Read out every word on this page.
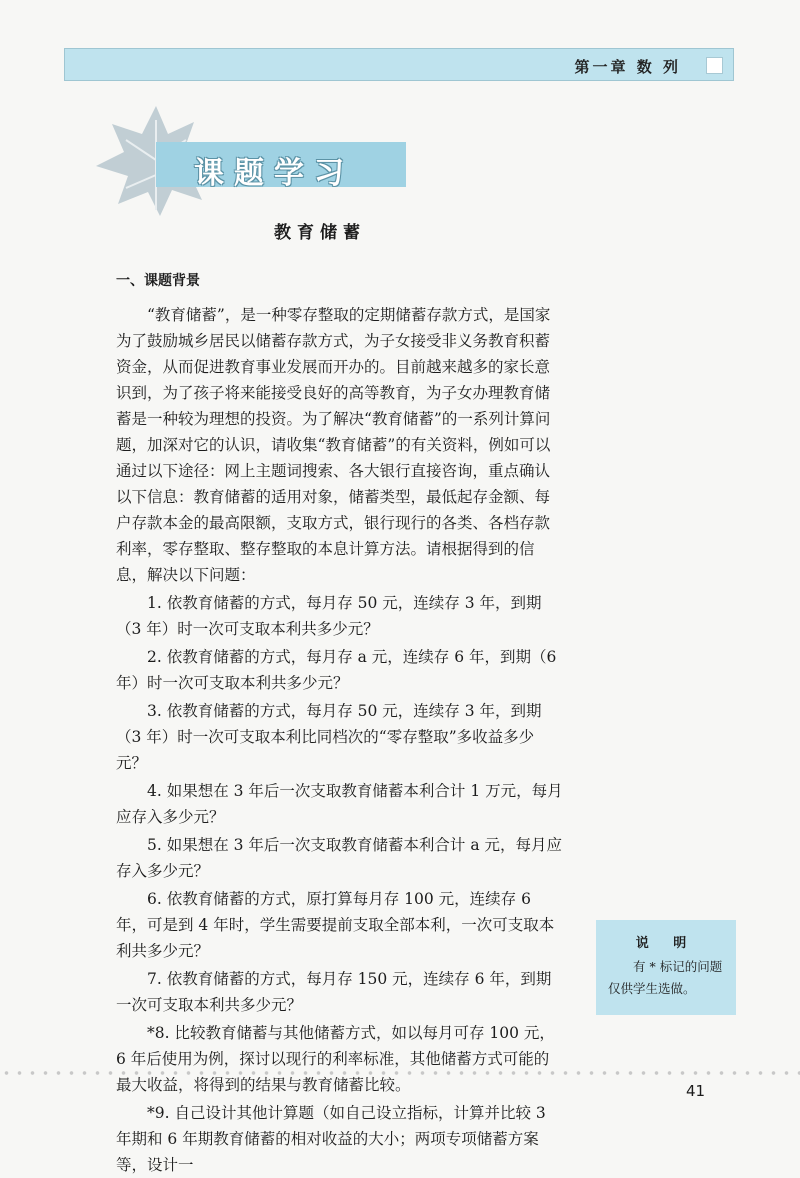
第一章 数 列
课题学习
教育储蓄
一、课题背景

“教育储蓄”，是一种零存整取的定期储蓄存款方式，是国家为了鼓励城乡居民以储蓄存款方式，为子女接受非义务教育积蓄资金，从而促进教育事业发展而开办的。目前越来越多的家长意识到，为了孩子将来能接受良好的高等教育，为子女办理教育储蓄是一种较为理想的投资。为了解决“教育储蓄”的一系列计算问题，加深对它的认识，请收集“教育储蓄”的有关资料，例如可以通过以下途径：网上主题词搜索、各大银行直接咨询，重点确认以下信息：教育储蓄的适用对象，储蓄类型，最低起存金额、每户存款本金的最高限额，支取方式，银行现行的各类、各档存款利率，零存整取、整存整取的本息计算方法。请根据得到的信息，解决以下问题：

1. 依教育储蓄的方式，每月存 50 元，连续存 3 年，到期（3 年）时一次可支取本利共多少元？

2. 依教育储蓄的方式，每月存 a 元，连续存 6 年，到期（6 年）时一次可支取本利共多少元？

3. 依教育储蓄的方式，每月存 50 元，连续存 3 年，到期（3 年）时一次可支取本利比同档次的“零存整取”多收益多少元？

4. 如果想在 3 年后一次支取教育储蓄本利合计 1 万元，每月应存入多少元？

5. 如果想在 3 年后一次支取教育储蓄本利合计 a 元，每月应存入多少元？

6. 依教育储蓄的方式，原打算每月存 100 元，连续存 6 年，可是到 4 年时，学生需要提前支取全部本利，一次可支取本利共多少元？

7. 依教育储蓄的方式，每月存 150 元，连续存 6 年，到期一次可支取本利共多少元？

*8. 比较教育储蓄与其他储蓄方式，如以每月可存 100 元，6 年后使用为例，探讨以现行的利率标准，其他储蓄方式可能的最大收益，将得到的结果与教育储蓄比较。

*9. 自己设计其他计算题（如自己设立指标，计算并比较 3 年期和 6 年期教育储蓄的相对收益的大小；两项专项储蓄方案等，设计一

说 明
有 * 标记的问题仅供学生选做。
41
